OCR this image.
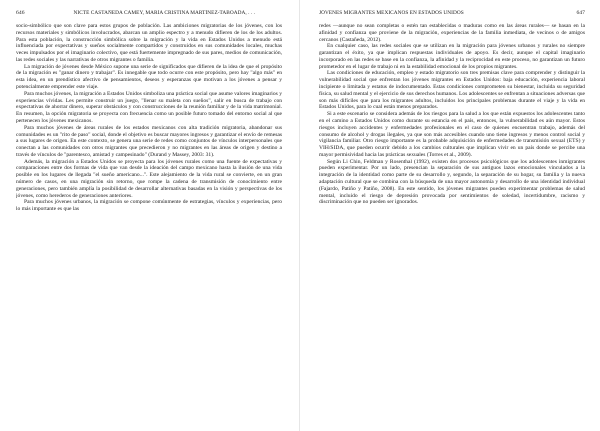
646	NICTÉ CASTAÑEDA CAMEY, MARÍA CRISTINA MARTÍNEZ-TABOADA, . . .

socio-simbólico que son clave para estos grupos de población. Las ambiciones migratorias de los jóvenes, con los recursos materiales y simbólicos involucrados, abarcan un amplio espectro y a menudo difieren de los de los adultos. Para esta población, la construcción simbólica sobre la migración y la vida en Estados Unidos a menudo está influenciada por expectativas y sueños socialmente compartidos y construidos en sus comunidades locales, muchas veces impulsados por el imaginario colectivo, que está fuertemente impregnado de sus pares, medios de comunicación, las redes sociales y las narrativas de otros migrantes o familia.

La migración de jóvenes desde México supone una serie de significados que difieren de la idea de que el propósito de la migración es "ganar dinero y trabajar". Es innegable que todo ocurre con este propósito, pero hay "algo más" en esta idea, en un prendístico afectivo de pensamientos, deseos y esperanzas que motivan a los jóvenes a pensar y potencialmente emprender este viaje.

Para muchos jóvenes, la migración a Estados Unidos simboliza una práctica social que asume valores imaginarios y experiencias vívidas. Les permite construir un juego, "llenar su maleta con sueños", salir en busca de trabajo con expectativas de ahorrar dinero, superar obstáculos y con construcciones de la reunión familiar y de la vida matrimonial. En resumen, la opción migratoria se proyecta con frecuencia como un posible futuro tomado del entorno social al que pertenecen los jóvenes mexicanos.

Para muchos jóvenes de áreas rurales de los estados mexicanos con alta tradición migratoria, abandonar sus comunidades es un "rito de paso" social, donde el objetivo es buscar mayores ingresos y garantizar el envío de remesas a sus lugares de origen. En este contexto, se genera una serie de redes como conjuntos de vínculos interpersonales que conectan a las comunidades con otros migrantes que precedieron y no migrantes en las áreas de origen y destino a través de vínculos de "parentesco, amistad y campesinado" (Durand y Massey, 2003: 31).

Además, la migración a Estados Unidos se proyecta para los jóvenes rurales como una fuente de expectativas y comparaciones entre dos formas de vida que van desde la ideación del campo mexicano hasta la ilusión de una vida posible en los lugares de llegada "el sueño americano...". Este alejamiento de la vida rural se convierte, en un gran número de casos, en una migración sin retorno, que rompe la cadena de transmisión de conocimiento entre generaciones, pero también amplía la posibilidad de desarrollar alternativas basadas en la visión y perspectivas de los jóvenes, como herederos de generaciones anteriores.

Para muchos jóvenes urbanos, la migración se compone comúnmente de estrategias, vínculos y experiencias, pero lo más importante es que las

JÓVENES MIGRANTES MEXICANOS EN ESTADOS UNIDOS	647

redes —aunque no sean completas o estén tan establecidas o maduras como en las áreas rurales— se basan en la afinidad y confianza que proviene de la migración, experiencias de la familia inmediata, de vecinos o de amigos cercanos (Castañeda, 2012).

En cualquier caso, las redes sociales que se utilizan en la migración para jóvenes urbanos y rurales no siempre garantizan el éxito, ya que implican respuestas individuales de apoyo. Es decir, aunque el capital imaginario incorporado en las redes se base en la confianza, la afinidad y la reciprocidad en este proceso, no garantizan un futuro prometedor en el lugar de trabajo ni en la estabilidad emocional de los propios migrantes.

Las condiciones de educación, empleo y estado migratorio son tres premisas clave para comprender y distinguir la vulnerabilidad social que enfrentan los jóvenes migrantes en Estados Unidos: baja educación, experiencia laboral incipiente o limitada y estatus de indocumentado. Estas condiciones comprometen su bienestar, incluida su seguridad física, su salud mental y el ejercicio de sus derechos humanos. Los adolescentes se enfrentan a situaciones adversas que son más difíciles que para los migrantes adultos, incluidos los principales problemas durante el viaje y la vida en Estados Unidos, para lo cual están menos preparados.

Si a este escenario se considera además de los riesgos para la salud a los que están expuestos los adolescentes tanto en el camino a Estados Unidos como durante su estancia en el país, entonces, la vulnerabilidad es aún mayor. Estos riesgos incluyen accidentes y enfermedades profesionales en el caso de quienes encuentran trabajo, además del consumo de alcohol y drogas ilegales, ya que son más accesibles cuando uno tiene ingresos y menos control social y vigilancia familiar. Otro riesgo importante es la probable adquisición de enfermedades de transmisión sexual (ETS) y VIH/SIDA, que pueden ocurrir debido a los cambios culturales que implican vivir en un país donde se percibe una mayor permisividad hacia las prácticas sexuales (Torres et al., 2009).

Según Li Chin, Feldman y Rosenthal (1992), existen dos procesos psicológicos que los adolescentes inmigrantes pueden experimentar. Por un lado, presencian la separación de sus antiguos lazos emocionales vinculados a la integración de la identidad como parte de su desarrollo y, segundo, la separación de su hogar, su familia y la nueva adaptación cultural que se combina con la búsqueda de una mayor autonomía y desarrollo de una identidad individual (Fajardo, Patiño y Patiño, 2008). En este sentido, los jóvenes migrantes pueden experimentar problemas de salud mental, incluido el riesgo de depresión provocada por sentimientos de soledad, incertidumbre, racismo y discriminación que no pueden ser ignorados.
